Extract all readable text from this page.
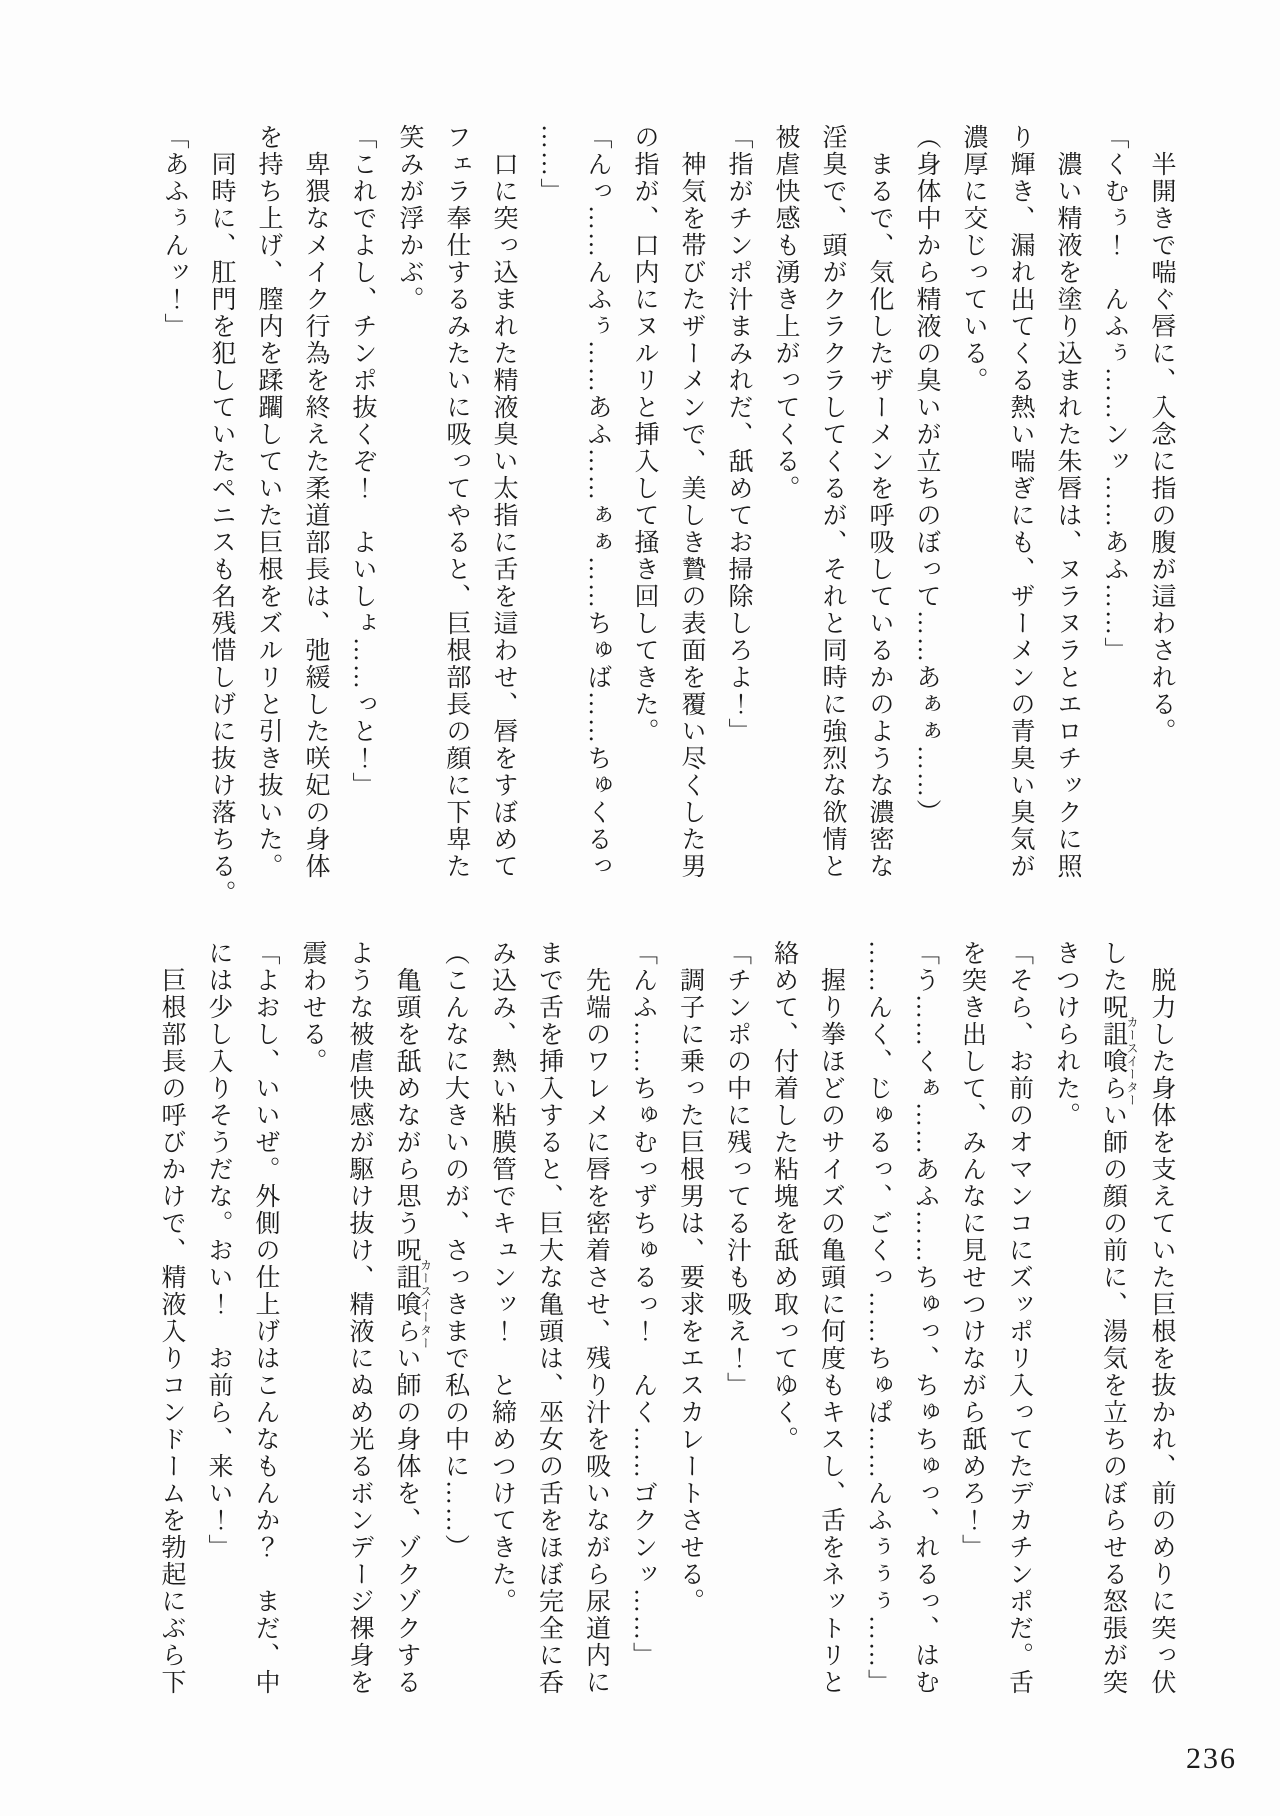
半開きで喘ぐ唇に、入念に指の腹が這わされる。

「くむぅ！　んふぅ……ンッ……あふ……」

濃い精液を塗り込まれた朱唇は、ヌラヌラとエロチックに照

り輝き、漏れ出てくる熱い喘ぎにも、ザーメンの青臭い臭気が

濃厚に交じっている。

（身体中から精液の臭いが立ちのぼって……あぁぁ……）

まるで、気化したザーメンを呼吸しているかのような濃密な

淫臭で、頭がクラクラしてくるが、それと同時に強烈な欲情と

被虐快感も湧き上がってくる。

「指がチンポ汁まみれだ、舐めてお掃除しろよ！」

神気を帯びたザーメンで、美しき贄の表面を覆い尽くした男

の指が、口内にヌルリと挿入して掻き回してきた。

「んっ……んふぅ……あふ……ぁぁ……ちゅば……ちゅくるっ

……」

口に突っ込まれた精液臭い太指に舌を這わせ、唇をすぼめて

フェラ奉仕するみたいに吸ってやると、巨根部長の顔に下卑た

笑みが浮かぶ。

「これでよし、チンポ抜くぞ！　よいしょ……っと！」

卑猥なメイク行為を終えた柔道部長は、弛緩した咲妃の身体

を持ち上げ、膣内を蹂躙していた巨根をズルリと引き抜いた。

同時に、肛門を犯していたペニスも名残惜しげに抜け落ちる。

「あふぅんッ！」

脱力した身体を支えていた巨根を抜かれ、前のめりに突っ伏

した呪詛喰らいカースイーター師の顔の前に、湯気を立ちのぼらせる怒張が突

きつけられた。

「そら、お前のオマンコにズッポリ入ってたデカチンポだ。舌

を突き出して、みんなに見せつけながら舐めろ！」

「う……くぁ……あふ……ちゅっ、ちゅちゅっ、れるっ、はむ

……んく、じゅるっ、ごくっ……ちゅぱ……んふぅぅぅ……」

握り拳ほどのサイズの亀頭に何度もキスし、舌をネットリと

絡めて、付着した粘塊を舐め取ってゆく。

「チンポの中に残ってる汁も吸え！」

調子に乗った巨根男は、要求をエスカレートさせる。

「んふ……ちゅむっずちゅるっ！　んく……ゴクンッ……」

先端のワレメに唇を密着させ、残り汁を吸いながら尿道内に

まで舌を挿入すると、巨大な亀頭は、巫女の舌をほぼ完全に呑

み込み、熱い粘膜管でキュンッ！　と締めつけてきた。

（こんなに大きいのが、さっきまで私の中に……）

亀頭を舐めながら思う呪詛喰らいカースイーター師の身体を、ゾクゾクする

ような被虐快感が駆け抜け、精液にぬめ光るボンデージ裸身を

震わせる。

「よおし、いいぜ。外側の仕上げはこんなもんか？　まだ、中

には少し入りそうだな。おい！　お前ら、来い！」

巨根部長の呼びかけで、精液入りコンドームを勃起にぶら下

236
